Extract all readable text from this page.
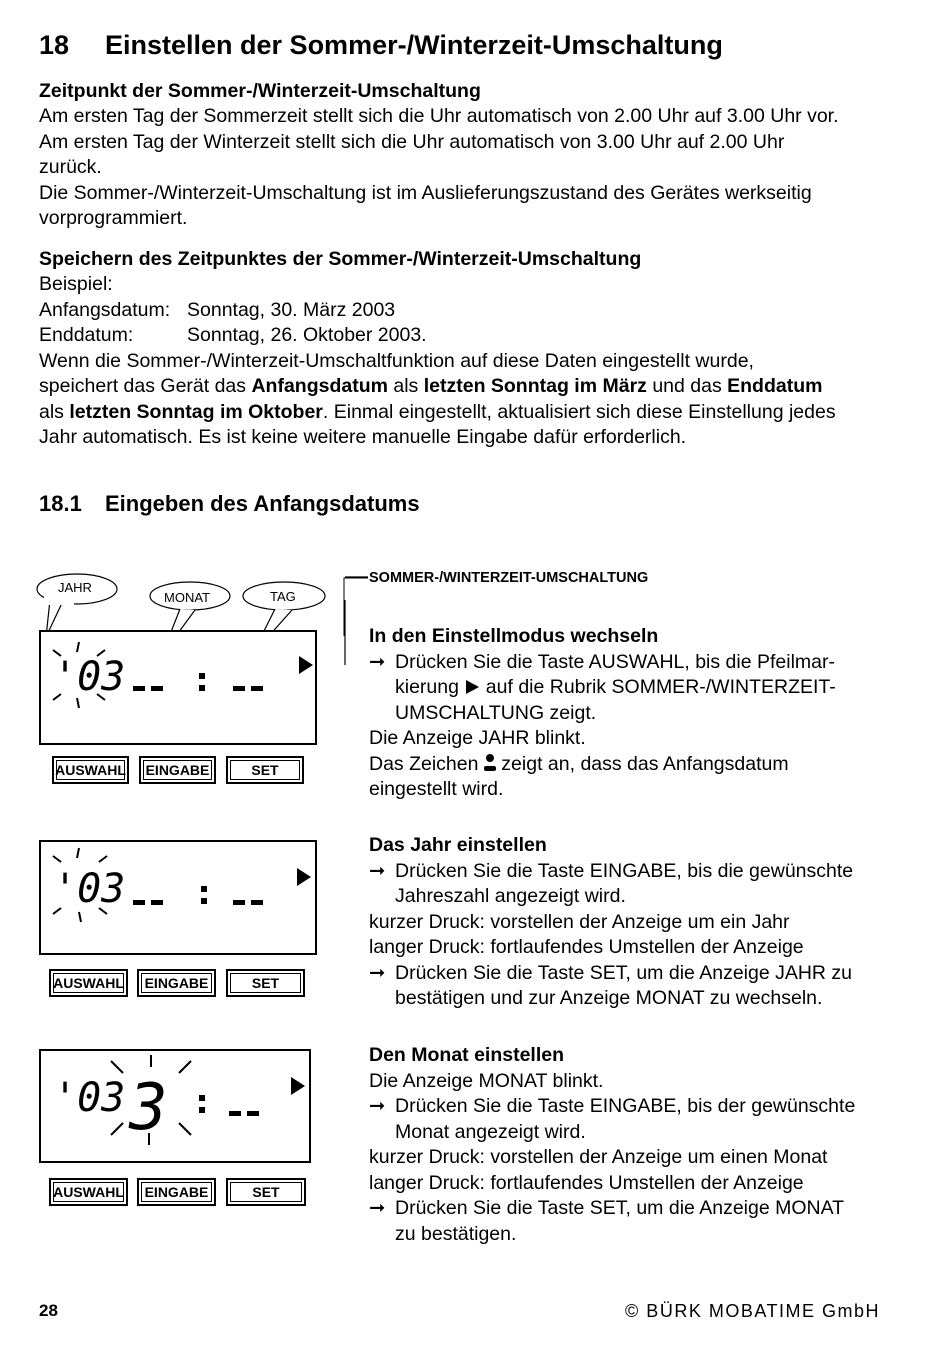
18 Einstellen der Sommer-/Winterzeit-Umschaltung
Zeitpunkt der Sommer-/Winterzeit-Umschaltung
Am ersten Tag der Sommerzeit stellt sich die Uhr automatisch von 2.00 Uhr auf 3.00 Uhr vor.
Am ersten Tag der Winterzeit stellt sich die Uhr automatisch von 3.00 Uhr auf 2.00 Uhr
zurück.
Die Sommer-/Winterzeit-Umschaltung ist im Auslieferungszustand des Gerätes werkseitig
vorprogrammiert.
Speichern des Zeitpunktes der Sommer-/Winterzeit-Umschaltung
Beispiel:
Anfangsdatum: Sonntag, 30. März 2003
Enddatum:	Sonntag, 26. Oktober 2003.
Wenn die Sommer-/Winterzeit-Umschaltfunktion auf diese Daten eingestellt wurde,
speichert das Gerät das Anfangsdatum als letzten Sonntag im März und das Enddatum
als letzten Sonntag im Oktober. Einmal eingestellt, aktualisiert sich diese Einstellung jedes
Jahr automatisch. Es ist keine weitere manuelle Eingabe dafür erforderlich.
18.1 Eingeben des Anfangsdatums
JAHR
MONAT	TAG
'03
AUSWAHL	EINGABE	SET
'03
AUSWAHL	EINGABE	SET
'03 3
AUSWAHL	EINGABE	SET
SOMMER-/WINTERZEIT-UMSCHALTUNG
In den Einstellmodus wechseln
➞ Drücken Sie die Taste AUSWAHL, bis die Pfeilmar-
kierung  auf die Rubrik SOMMER-/WINTERZEIT-
UMSCHALTUNG zeigt.
Die Anzeige JAHR blinkt.
Das Zeichen  zeigt an, dass das Anfangsdatum
eingestellt wird.
Das Jahr einstellen
➞ Drücken Sie die Taste EINGABE, bis die gewünschte
Jahreszahl angezeigt wird.
kurzer Druck: vorstellen der Anzeige um ein Jahr
langer Druck: fortlaufendes Umstellen der Anzeige
➞ Drücken Sie die Taste SET, um die Anzeige JAHR zu
bestätigen und zur Anzeige MONAT zu wechseln.
Den Monat einstellen
Die Anzeige MONAT blinkt.
➞ Drücken Sie die Taste EINGABE, bis der gewünschte
Monat angezeigt wird.
kurzer Druck: vorstellen der Anzeige um einen Monat
langer Druck: fortlaufendes Umstellen der Anzeige
➞ Drücken Sie die Taste SET, um die Anzeige MONAT
zu bestätigen.
28	© BÜRK MOBATIME GmbH
